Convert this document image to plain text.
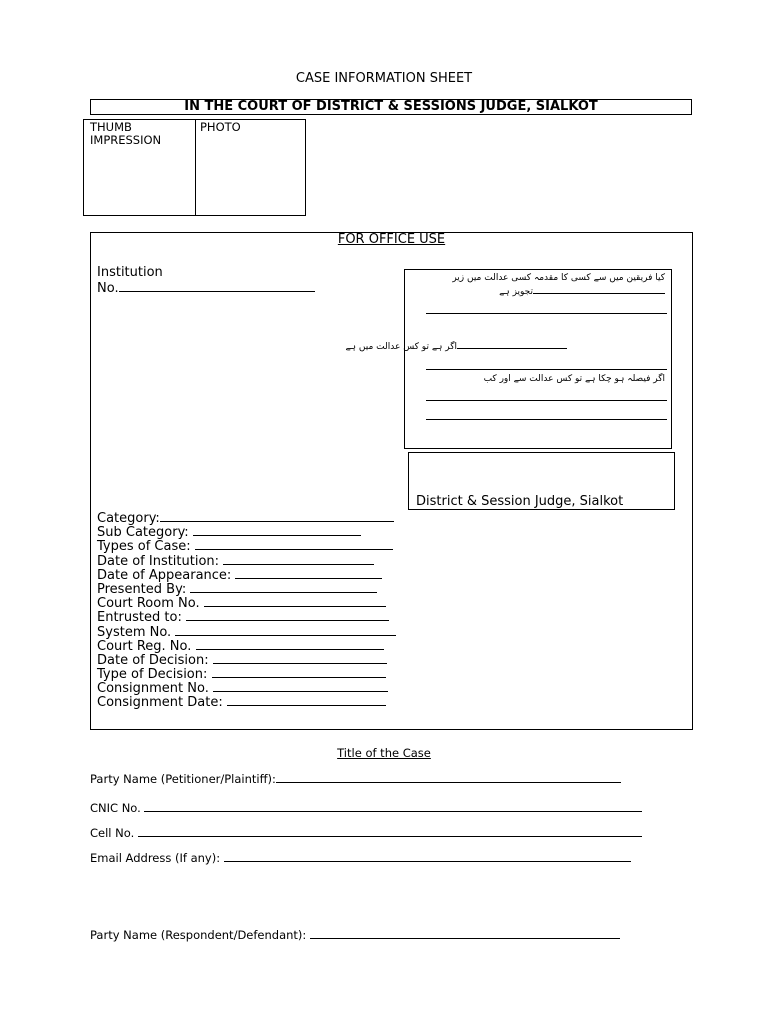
CASE INFORMATION SHEET
IN THE COURT OF DISTRICT & SESSIONS JUDGE, SIALKOT
THUMB
IMPRESSION
PHOTO
FOR OFFICE USE
Institution
No.
کیا فریقین میں سے کسی کا مقدمہ کسی عدالت میں زیر
تجویز ہے
اگر ہے تو کس عدالت میں ہے
اگر فیصلہ ہو چکا ہے تو کس عدالت سے اور کب
District & Session Judge, Sialkot
Category:
Sub Category:
Types of Case:
Date of Institution:
Date of Appearance:
Presented By:
Court Room No.
Entrusted to:
System No.
Court Reg. No.
Date of Decision:
Type of Decision:
Consignment No.
Consignment Date:
Title of the Case
Party Name (Petitioner/Plaintiff):
CNIC No.
Cell No.
Email Address (If any):
Party Name (Respondent/Defendant):
